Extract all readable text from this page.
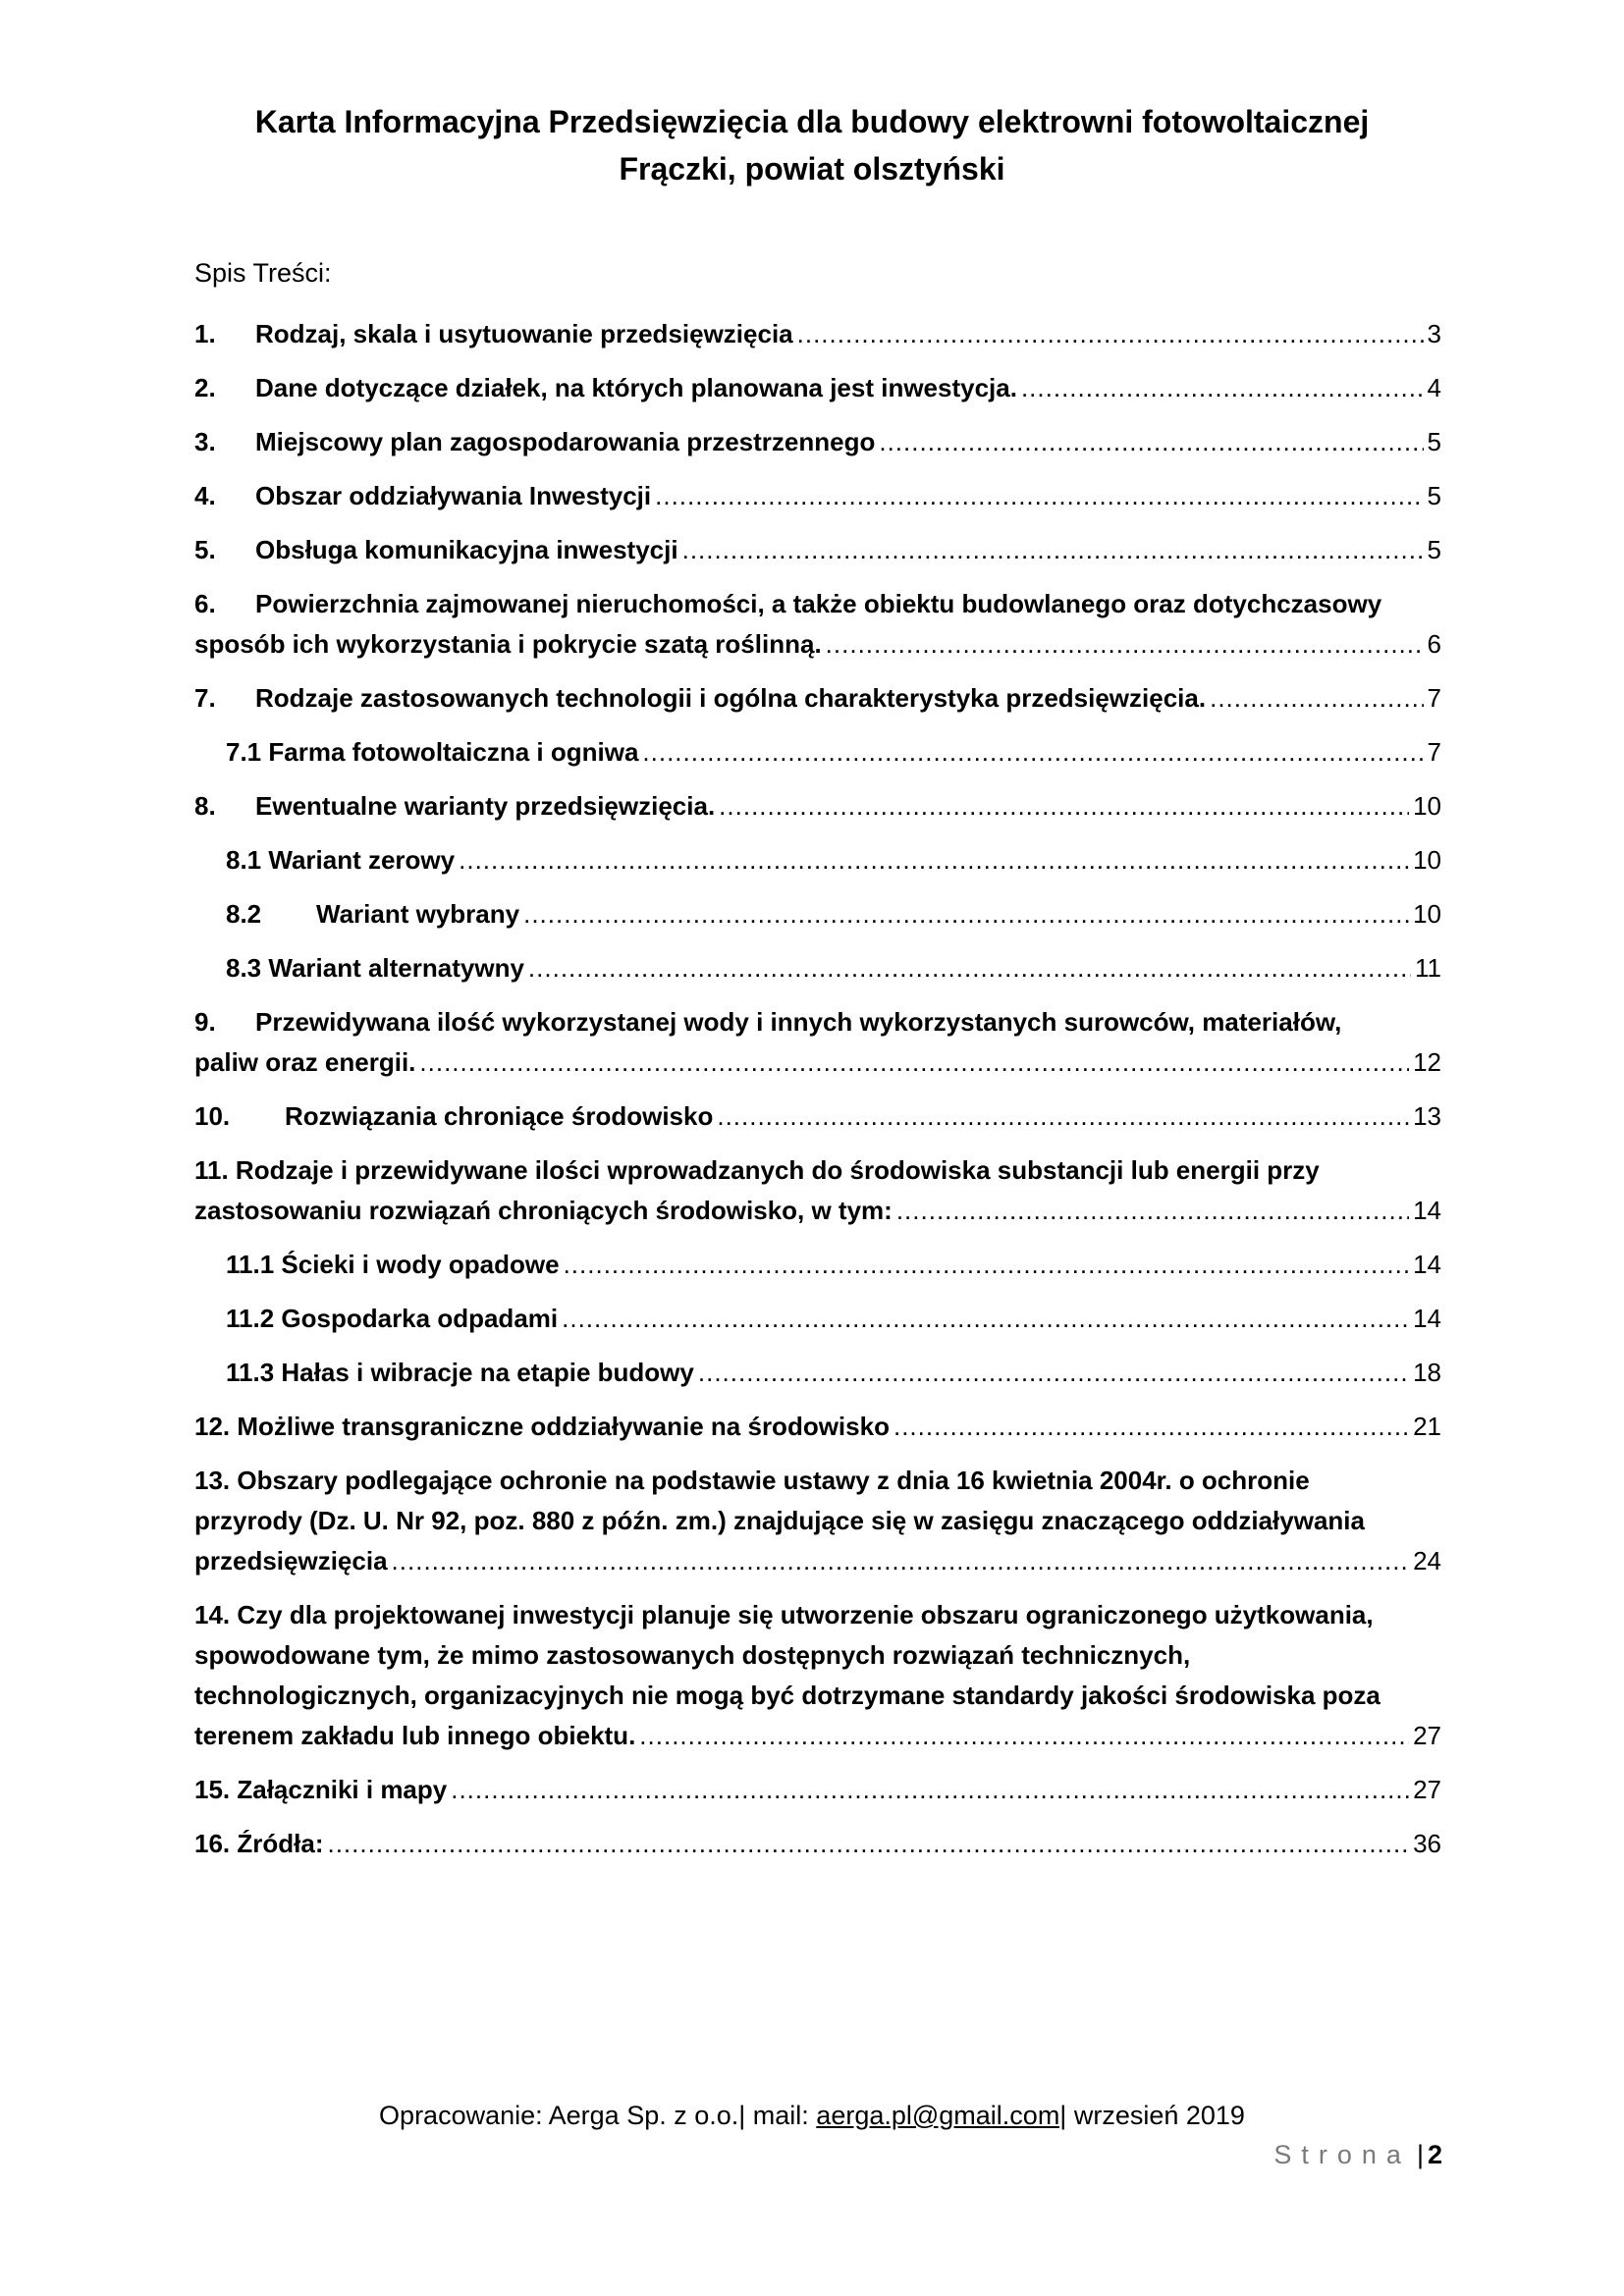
Karta Informacyjna Przedsięwzięcia dla budowy elektrowni fotowoltaicznej
Frączki, powiat olsztyński
Spis Treści:
1. Rodzaj, skala i usytuowanie przedsięwzięcia .....	3
2. Dane dotyczące działek, na których planowana jest inwestycja. .....	4
3. Miejscowy plan zagospodarowania przestrzennego .....	5
4. Obszar oddziaływania Inwestycji .....	5
5. Obsługa komunikacyjna inwestycji .....	5
6. Powierzchnia zajmowanej nieruchomości, a także obiektu budowlanego oraz dotychczasowy
sposób ich wykorzystania i pokrycie szatą roślinną. .....	6
7. Rodzaje zastosowanych technologii i ogólna charakterystyka przedsięwzięcia. .....	7
7.1 Farma fotowoltaiczna i ogniwa .....	7
8. Ewentualne warianty przedsięwzięcia. .....	10
8.1 Wariant zerowy .....	10
8.2 Wariant wybrany .....	10
8.3 Wariant alternatywny .....	11
9. Przewidywana ilość wykorzystanej wody i innych wykorzystanych surowców, materiałów,
paliw oraz energii. .....	12
10. Rozwiązania chroniące środowisko .....	13
11. Rodzaje i przewidywane ilości wprowadzanych do środowiska substancji lub energii przy
zastosowaniu rozwiązań chroniących środowisko, w tym: .....	14
11.1 Ścieki i wody opadowe .....	14
11.2 Gospodarka odpadami .....	14
11.3 Hałas i wibracje na etapie budowy .....	18
12. Możliwe transgraniczne oddziaływanie na środowisko .....	21
13. Obszary podlegające ochronie na podstawie ustawy z dnia 16 kwietnia 2004r. o ochronie
przyrody (Dz. U. Nr 92, poz. 880 z późn. zm.) znajdujące się w zasięgu znaczącego oddziaływania
przedsięwzięcia .....	24
14. Czy dla projektowanej inwestycji planuje się utworzenie obszaru ograniczonego użytkowania,
spowodowane tym, że mimo zastosowanych dostępnych rozwiązań technicznych,
technologicznych, organizacyjnych nie mogą być dotrzymane standardy jakości środowiska poza
terenem zakładu lub innego obiektu. .....	27
15. Załączniki i mapy .....	27
16. Źródła: .....	36
Opracowanie: Aerga Sp. z o.o.| mail: aerga.pl@gmail.com| wrzesień 2019
Strona | 2
